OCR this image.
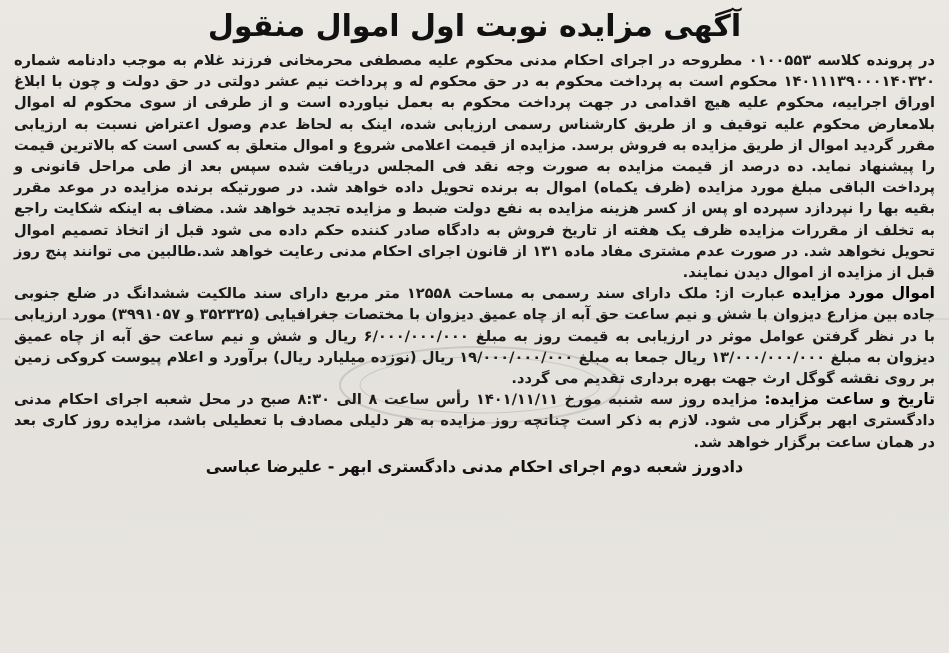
آگهی مزایده نوبت اول اموال منقول

در پرونده کلاسه ۰۱۰۰۵۵۳ مطروحه در اجرای احکام مدنی محکوم علیه مصطفی محرمخانی فرزند غلام به موجب دادنامه شماره ۱۴۰۱۱۱۳۹۰۰۰۱۴۰۳۲۰ محکوم است به پرداخت محکوم به در حق محکوم له و پرداخت نیم عشر دولتی در حق دولت و چون با ابلاغ اوراق اجراییه، محکوم علیه هیچ اقدامی در جهت پرداخت محکوم به بعمل نیاورده است و از طرفی از سوی محکوم له اموال بلامعارض محکوم علیه توقیف و از طریق کارشناس رسمی ارزیابی شده، اینک به لحاظ عدم وصول اعتراض نسبت به ارزیابی مقرر گردید اموال از طریق مزایده به فروش برسد. مزایده از قیمت اعلامی شروع و اموال متعلق به کسی است که بالاترین قیمت را پیشنهاد نماید. ده درصد از قیمت مزایده به صورت وجه نقد فی المجلس دریافت شده سپس بعد از طی مراحل قانونی و پرداخت الباقی مبلغ مورد مزایده (ظرف یکماه) اموال به برنده تحویل داده خواهد شد. در صورتیکه برنده مزایده در موعد مقرر بقیه بها را نپردازد سپرده او پس از کسر هزینه مزایده به نفع دولت ضبط و مزایده تجدید خواهد شد. مضاف به اینکه شکایت راجع به تخلف از مقررات مزایده ظرف یک هفته از تاریخ فروش به دادگاه صادر کننده حکم داده می شود قبل از اتخاذ تصمیم اموال تحویل نخواهد شد. در صورت عدم مشتری مفاد ماده ۱۳۱ از قانون اجرای احکام مدنی رعایت خواهد شد.طالبین می توانند پنج روز قبل از مزایده از اموال دیدن نمایند.

اموال مورد مزایده عبارت از: ملک دارای سند رسمی به مساحت ۱۲۵۵۸ متر مربع دارای سند مالکیت ششدانگ در ضلع جنوبی جاده بین مزارع دیزوان با شش و نیم ساعت حق آبه از چاه عمیق دیزوان با مختصات جغرافیایی (۳۵۲۳۲۵ و ۳۹۹۱۰۵۷) مورد ارزیابی با در نظر گرفتن عوامل موثر در ارزیابی به قیمت روز به مبلغ ۶/۰۰۰/۰۰۰/۰۰۰ ریال و شش و نیم ساعت حق آبه از چاه عمیق دیزوان به مبلغ ۱۳/۰۰۰/۰۰۰/۰۰۰ ریال جمعا به مبلغ ۱۹/۰۰۰/۰۰۰/۰۰۰ ریال (نوزده میلیارد ریال) برآورد و اعلام پیوست کروکی زمین بر روی نقشه گوگل ارث جهت بهره برداری تقدیم می گردد.

تاریخ و ساعت مزایده: مزایده روز سه شنبه مورخ ۱۴۰۱/۱۱/۱۱ رأس ساعت ۸ الی ۸:۳۰ صبح در محل شعبه اجرای احکام مدنی دادگستری ابهر برگزار می شود. لازم به ذکر است چنانچه روز مزایده به هر دلیلی مصادف با تعطیلی باشد، مزایده روز کاری بعد در همان ساعت برگزار خواهد شد.

دادورز شعبه دوم اجرای احکام مدنی دادگستری ابهر - علیرضا عباسی
